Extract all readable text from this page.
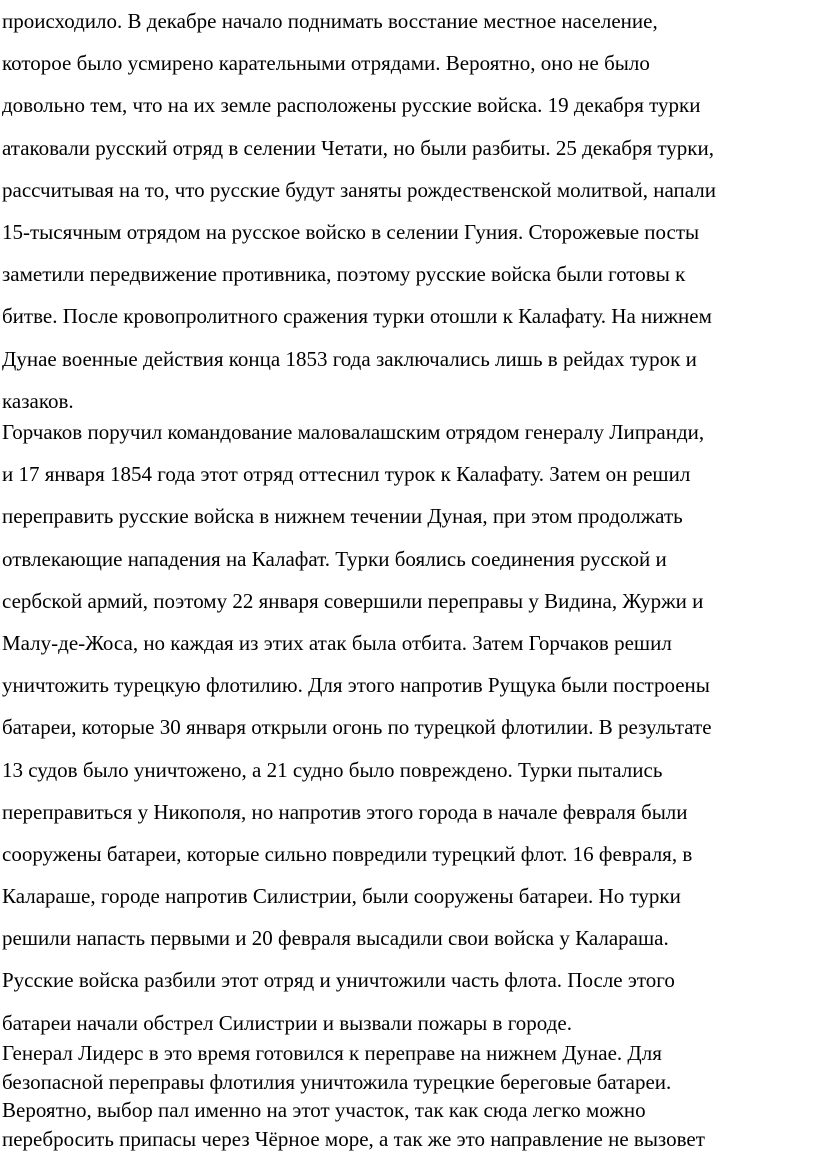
происходило. В декабре начало поднимать восстание местное население,
которое было усмирено карательными отрядами. Вероятно, оно не было
довольно тем, что на их земле расположены русские войска. 19 декабря турки
атаковали русский отряд в селении Четати, но были разбиты. 25 декабря турки,
рассчитывая на то, что русские будут заняты рождественской молитвой, напали
15-тысячным отрядом на русское войско в селении Гуния. Сторожевые посты
заметили передвижение противника, поэтому русские войска были готовы к
битве. После кровопролитного сражения турки отошли к Калафату. На нижнем
Дунае военные действия конца 1853 года заключались лишь в рейдах турок и
казаков.
Горчаков поручил командование маловалашским отрядом генералу Липранди,
и 17 января 1854 года этот отряд оттеснил турок к Калафату. Затем он решил
переправить русские войска в нижнем течении Дуная, при этом продолжать
отвлекающие нападения на Калафат. Турки боялись соединения русской и
сербской армий, поэтому 22 января совершили переправы у Видина, Журжи и
Малу-де-Жоса, но каждая из этих атак была отбита. Затем Горчаков решил
уничтожить турецкую флотилию. Для этого напротив Рущука были построены
батареи, которые 30 января открыли огонь по турецкой флотилии. В результате
13 судов было уничтожено, а 21 судно было повреждено. Турки пытались
переправиться у Никополя, но напротив этого города в начале февраля были
сооружены батареи, которые сильно повредили турецкий флот. 16 февраля, в
Калараше, городе напротив Силистрии, были сооружены батареи. Но турки
решили напасть первыми и 20 февраля высадили свои войска у Калараша.
Русские войска разбили этот отряд и уничтожили часть флота. После этого
батареи начали обстрел Силистрии и вызвали пожары в городе.
Генерал Лидерс в это время готовился к переправе на нижнем Дунае. Для
безопасной переправы флотилия уничтожила турецкие береговые батареи.
Вероятно, выбор пал именно на этот участок, так как сюда легко можно
перебросить припасы через Чёрное море, а так же это направление не вызовет
